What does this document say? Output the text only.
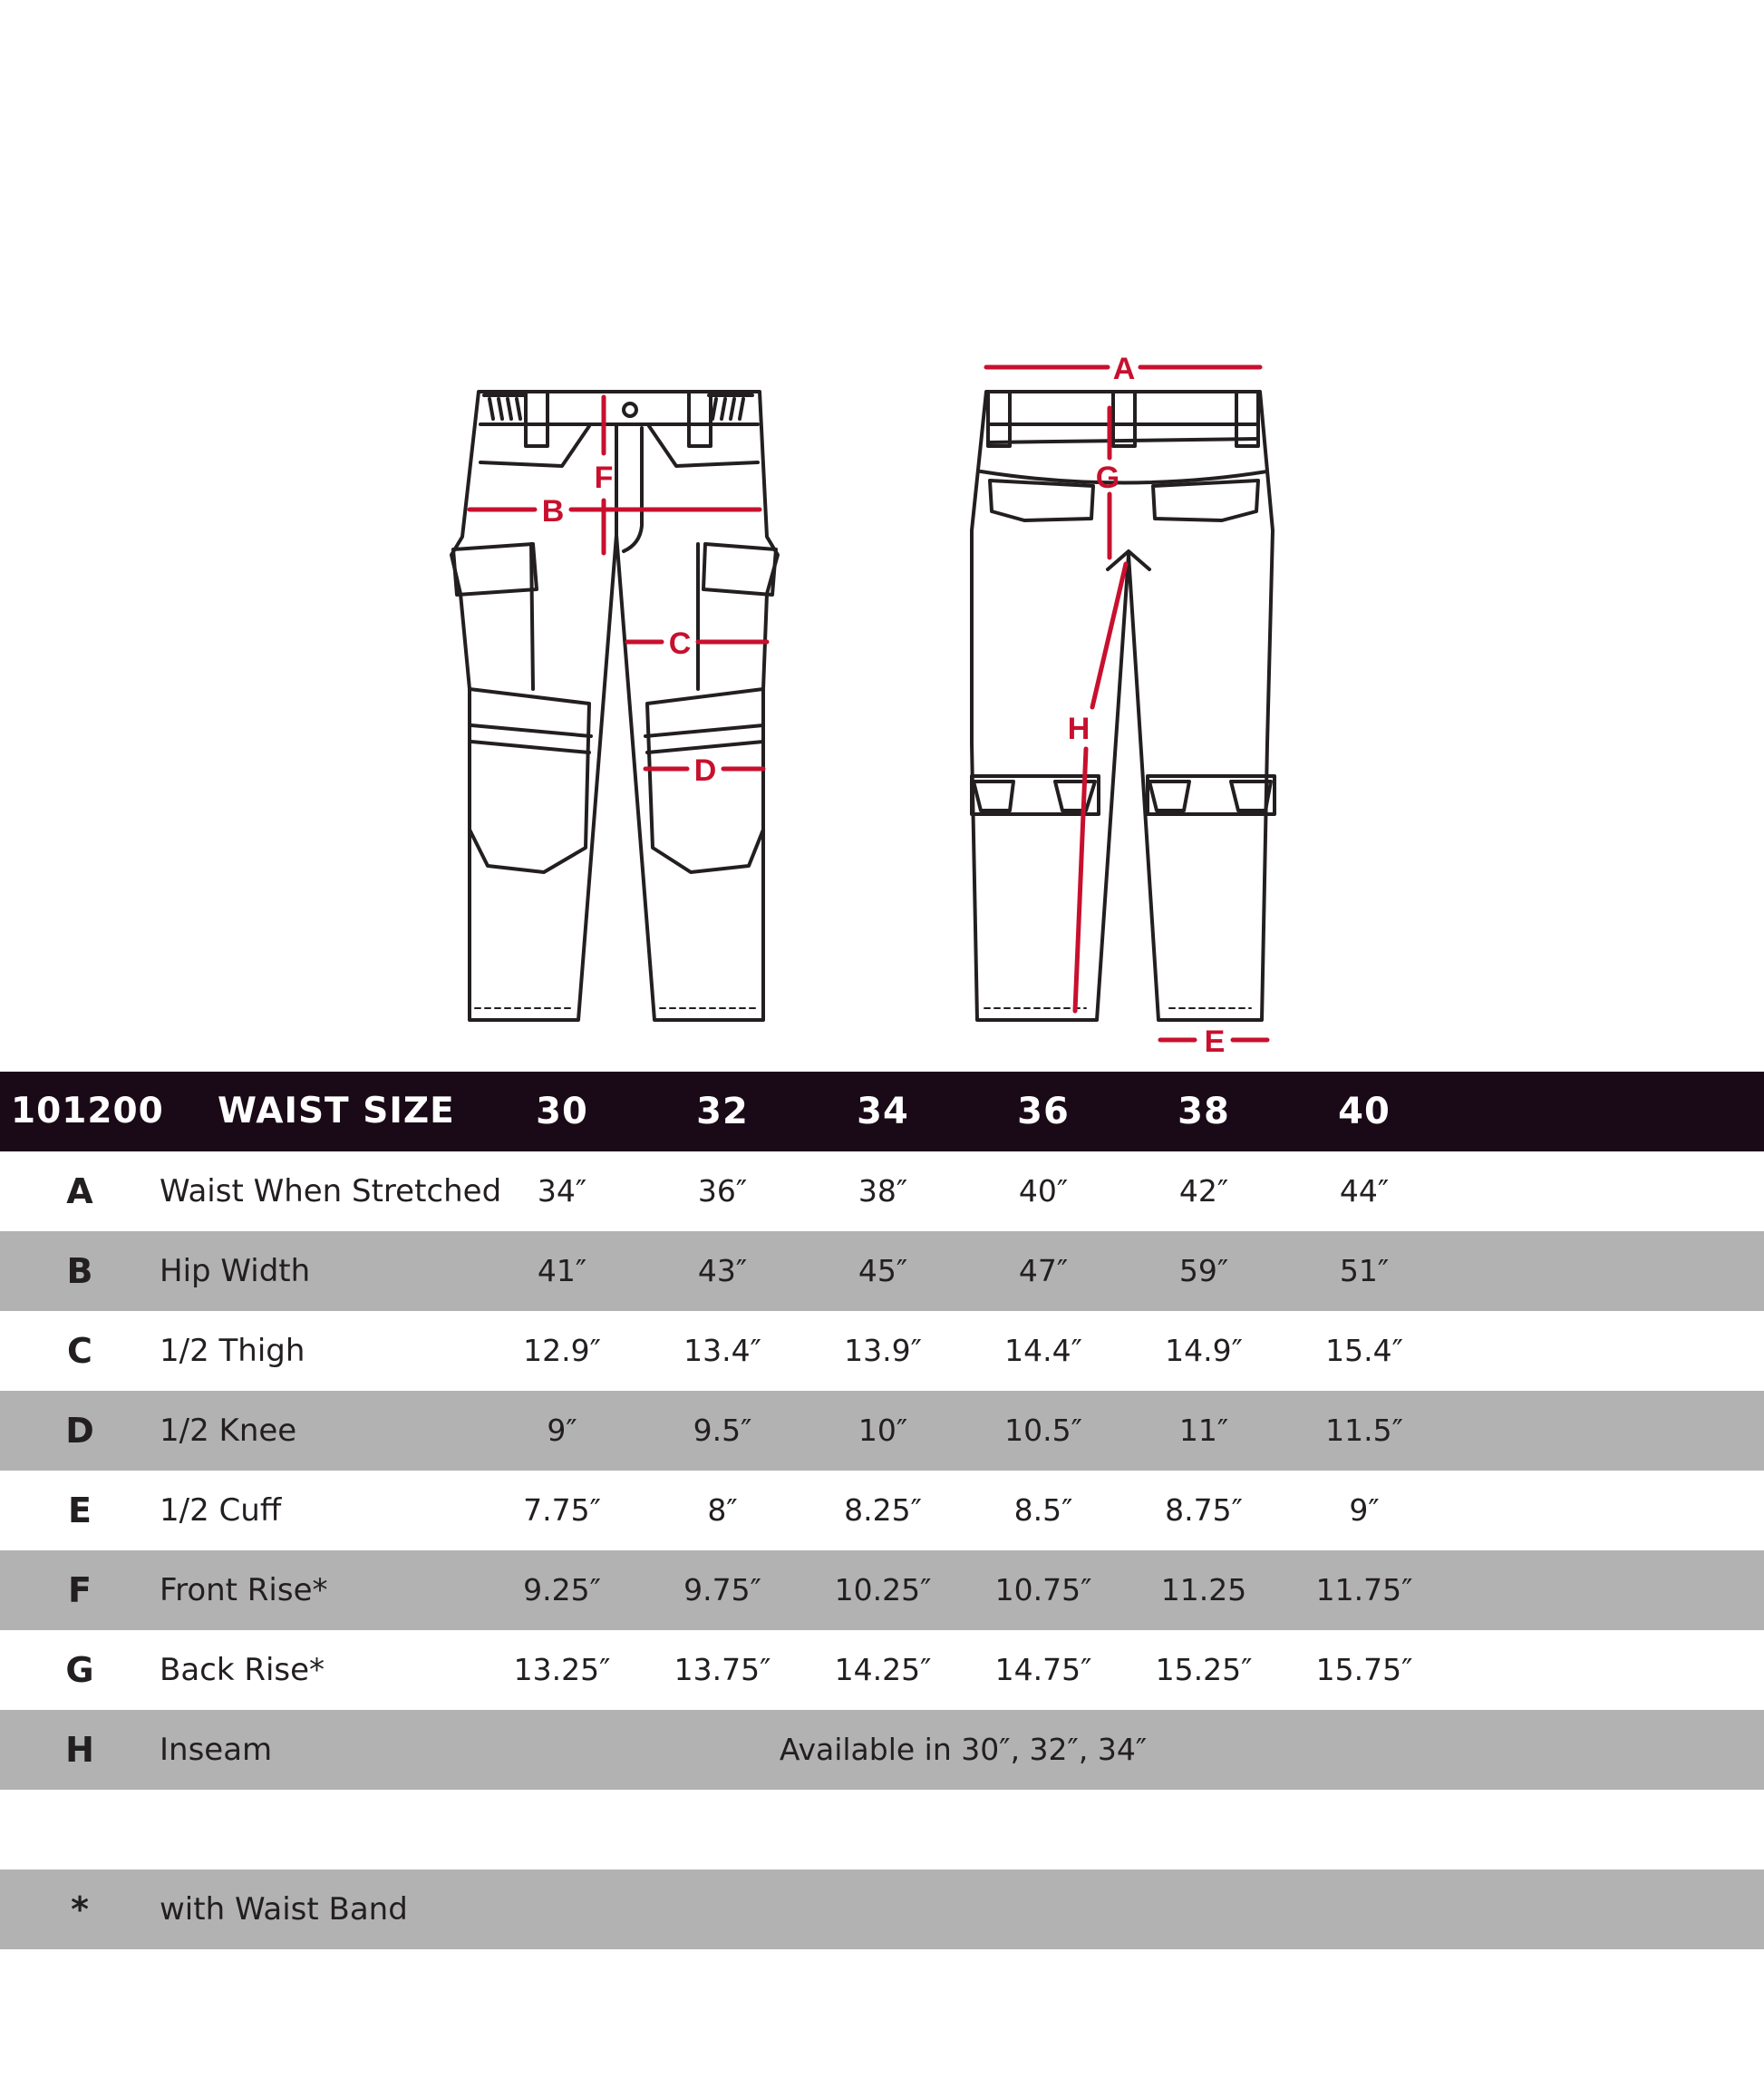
A
B
F
C
D
G
H
E
101200 WAIST SIZE	30	32	34	36	38	40
A	Waist When Stretched	34″	36″	38″	40″	42″	44″
B	Hip Width	41″	43″	45″	47″	59″	51″
C	1/2 Thigh	12.9″	13.4″	13.9″	14.4″	14.9″	15.4″
D	1/2 Knee	9″	9.5″	10″	10.5″	11″	11.5″
E	1/2 Cuff	7.75″	8″	8.25″	8.5″	8.75″	9″
F	Front Rise*	9.25″	9.75″	10.25″	10.75″	11.25	11.75″
G	Back Rise*	13.25″	13.75″	14.25″	14.75″	15.25″	15.75″
H	Inseam	Available in 30″, 32″, 34″
*	with Waist Band
